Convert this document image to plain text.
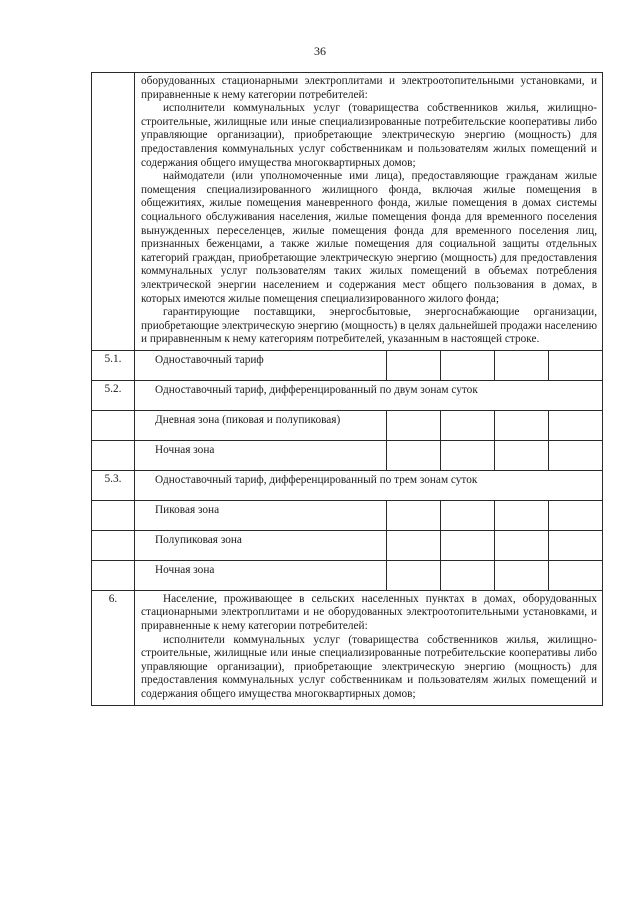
36

	оборудованных стационарными электроплитами и электроотопительными установками, и приравненные к нему категории потребителей:

исполнители коммунальных услуг (товарищества собственников жилья, жилищно-строительные, жилищные или иные специализированные потребительские кооперативы либо управляющие организации), приобретающие электрическую энергию (мощность) для предоставления коммунальных услуг собственникам и пользователям жилых помещений и содержания общего имущества многоквартирных домов;

наймодатели (или уполномоченные ими лица), предоставляющие гражданам жилые помещения специализированного жилищного фонда, включая жилые помещения в общежитиях, жилые помещения маневренного фонда, жилые помещения в домах системы социального обслуживания населения, жилые помещения фонда для временного поселения вынужденных переселенцев, жилые помещения фонда для временного поселения лиц, признанных беженцами, а также жилые помещения для социальной защиты отдельных категорий граждан, приобретающие электрическую энергию (мощность) для предоставления коммунальных услуг пользователям таких жилых помещений в объемах потребления электрической энергии населением и содержания мест общего пользования в домах, в которых имеются жилые помещения специализированного жилого фонда;

гарантирующие поставщики, энергосбытовые, энергоснабжающие организации, приобретающие электрическую энергию (мощность) в целях дальнейшей продажи населению и приравненным к нему категориям потребителей, указанным в настоящей строке.				

5.1.	Одноставочный тариф				
5.2.	Одноставочный тариф, дифференцированный по двум зонам суток				
	Дневная зона (пиковая и полупиковая)				
	Ночная зона				
5.3.	Одноставочный тариф, дифференцированный по трем зонам суток				
	Пиковая зона				
	Полупиковая зона				
	Ночная зона				
6.	Население, проживающее в сельских населенных пунктах в домах, оборудованных стационарными электроплитами и не оборудованных электроотопительными установками, и приравненные к нему категории потребителей:

исполнители коммунальных услуг (товарищества собственников жилья, жилищно-строительные, жилищные или иные специализированные потребительские кооперативы либо управляющие организации), приобретающие электрическую энергию (мощность) для предоставления коммунальных услуг собственникам и пользователям жилых помещений и содержания общего имущества многоквартирных домов;				
